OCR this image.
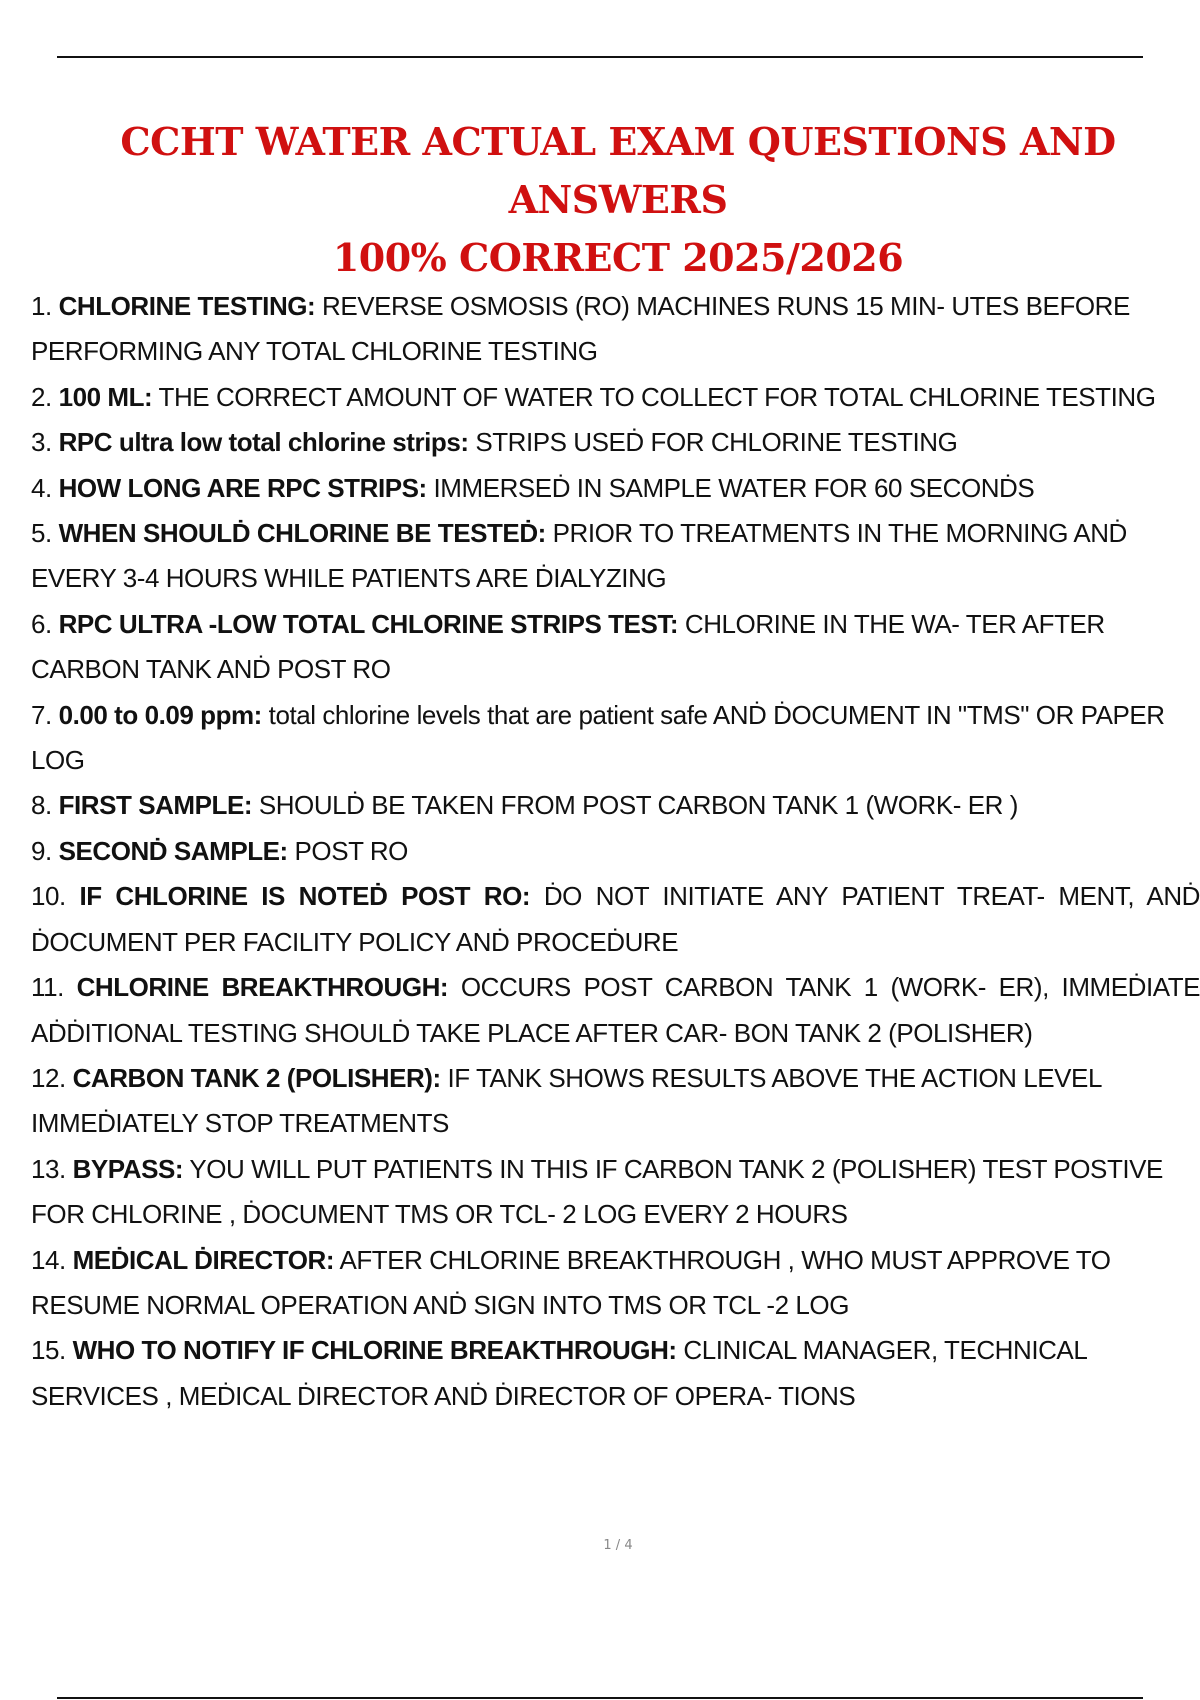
CCHT WATER ACTUAL EXAM QUESTIONS AND ANSWERS
100% CORRECT 2025/2026

1. CHLORINE TESTING: REVERSE OSMOSIS (RO) MACHINES RUNS 15 MIN- UTES BEFORE PERFORMING ANY TOTAL CHLORINE TESTING

2. 100 ML: THE CORRECT AMOUNT OF WATER TO COLLECT FOR TOTAL CHLORINE TESTING

3. RPC ultra low total chlorine strips: STRIPS USEḊ FOR CHLORINE TESTING

4. HOW LONG ARE RPC STRIPS: IMMERSEḊ IN SAMPLE WATER FOR 60 SECONḊS

5. WHEN SHOULḊ CHLORINE BE TESTEḊ: PRIOR TO TREATMENTS IN THE MORNING ANḊ EVERY 3-4 HOURS WHILE PATIENTS ARE ḊIALYZING

6. RPC ULTRA -LOW TOTAL CHLORINE STRIPS TEST: CHLORINE IN THE WA- TER AFTER CARBON TANK ANḊ POST RO

7. 0.00 to 0.09 ppm: total chlorine levels that are patient safe ANḊ ḊOCUMENT IN "TMS" OR PAPER LOG

8. FIRST SAMPLE: SHOULḊ BE TAKEN FROM POST CARBON TANK 1 (WORK- ER )

9. SECONḊ SAMPLE: POST RO

10. IF CHLORINE IS NOTEḊ POST RO: ḊO NOT INITIATE ANY PATIENT TREAT- MENT, ANḊ ḊOCUMENT PER FACILITY POLICY ANḊ PROCEḊURE

11. CHLORINE BREAKTHROUGH: OCCURS POST CARBON TANK 1 (WORK- ER), IMMEḊIATE AḊḊITIONAL TESTING SHOULḊ TAKE PLACE AFTER CAR- BON TANK 2 (POLISHER)

12. CARBON TANK 2 (POLISHER): IF TANK SHOWS RESULTS ABOVE THE ACTION LEVEL IMMEḊIATELY STOP TREATMENTS

13. BYPASS: YOU WILL PUT PATIENTS IN THIS IF CARBON TANK 2 (POLISHER) TEST POSTIVE FOR CHLORINE , ḊOCUMENT TMS OR TCL- 2 LOG EVERY 2 HOURS

14. MEḊICAL ḊIRECTOR: AFTER CHLORINE BREAKTHROUGH , WHO MUST APPROVE TO RESUME NORMAL OPERATION ANḊ SIGN INTO TMS OR TCL -2 LOG

15. WHO TO NOTIFY IF CHLORINE BREAKTHROUGH: CLINICAL MANAGER, TECHNICAL SERVICES , MEḊICAL ḊIRECTOR ANḊ ḊIRECTOR OF OPERA- TIONS

1 / 4
